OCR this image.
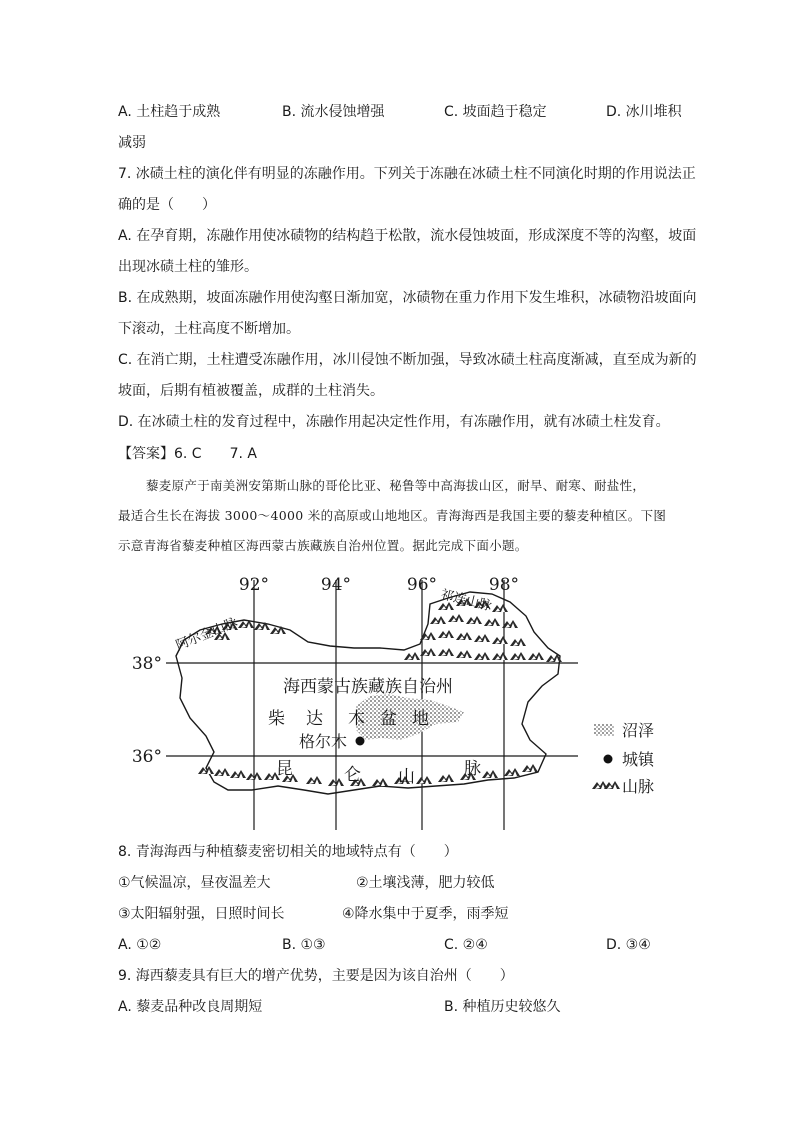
A. 土柱趋于成熟	B. 流水侵蚀增强	C. 坡面趋于稳定	D. 冰川堆积
减弱
7. 冰碛土柱的演化伴有明显的冻融作用。下列关于冻融在冰碛土柱不同演化时期的作用说法正
确的是（　　）
A. 在孕育期，冻融作用使冰碛物的结构趋于松散，流水侵蚀坡面，形成深度不等的沟壑，坡面
出现冰碛土柱的雏形。
B. 在成熟期，坡面冻融作用使沟壑日渐加宽，冰碛物在重力作用下发生堆积，冰碛物沿坡面向
下滚动，土柱高度不断增加。
C. 在消亡期，土柱遭受冻融作用，冰川侵蚀不断加强，导致冰碛土柱高度渐减，直至成为新的
坡面，后期有植被覆盖，成群的土柱消失。
D. 在冰碛土柱的发育过程中，冻融作用起决定性作用，有冻融作用，就有冰碛土柱发育。
【答案】6. C　　7. A
藜麦原产于南美洲安第斯山脉的哥伦比亚、秘鲁等中高海拔山区，耐旱、耐寒、耐盐性，
最适合生长在海拔 3000～4000 米的高原或山地地区。青海海西是我国主要的藜麦种植区。下图
示意青海省藜麦种植区海西蒙古族藏族自治州位置。据此完成下面小题。
92°	94°	96°	98°
38°
36°
海西蒙古族藏族自治州
柴 达 木 盆 地
格尔木
昆	仑 山	脉
阿尔金山脉
祁连山脉
沼泽
城镇
山脉
8. 青海海西与种植藜麦密切相关的地域特点有（　　）
①气候温凉，昼夜温差大	②土壤浅薄，肥力较低
③太阳辐射强，日照时间长	④降水集中于夏季，雨季短
A. ①②	B. ①③	C. ②④	D. ③④
9. 海西藜麦具有巨大的增产优势，主要是因为该自治州（　　）
A. 藜麦品种改良周期短	B. 种植历史较悠久
